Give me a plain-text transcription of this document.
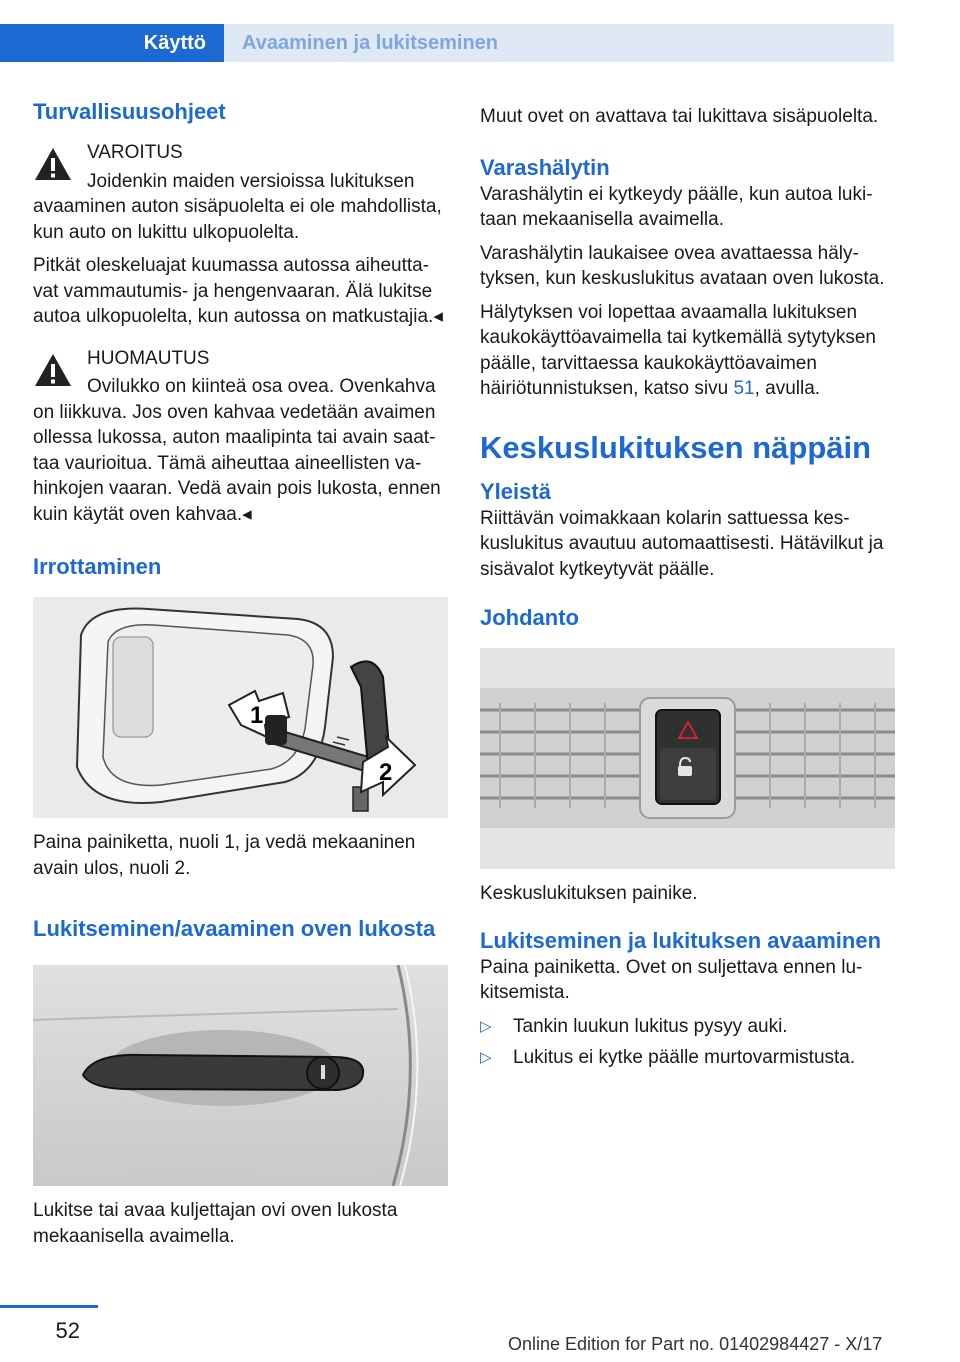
Käyttö	Avaaminen ja lukitseminen
Turvallisuusohjeet
VAROITUS
Joidenkin maiden versioissa lukituksen

avaaminen auton sisäpuolelta ei ole mahdollista, kun auto on lukittu ulkopuolelta.

Pitkät oleskeluajat kuumassa autossa aiheuttavat vammautumis- ja hengenvaaran. Älä lukitse autoa ulkopuolelta, kun autossa on matkustajia.◂

HUOMAUTUS
Ovilukko on kiinteä osa ovea. Ovenkahva

on liikkuva. Jos oven kahvaa vedetään avaimen ollessa lukossa, auton maalipinta tai avain saattaa vaurioitua. Tämä aiheuttaa aineellisten vahinkojen vaaran. Vedä avain pois lukosta, ennen kuin käytät oven kahvaa.◂

Irrottaminen
1
2

Paina painiketta, nuoli 1, ja vedä mekaaninen avain ulos, nuoli 2.

Lukitseminen/avaaminen oven lukosta

Lukitse tai avaa kuljettajan ovi oven lukosta mekaanisella avaimella.

Muut ovet on avattava tai lukittava sisäpuolelta.

Varashälytin

Varashälytin ei kytkeydy päälle, kun autoa lukitaan mekaanisella avaimella.

Varashälytin laukaisee ovea avattaessa hälytyksen, kun keskuslukitus avataan oven lukosta.

Hälytyksen voi lopettaa avaamalla lukituksen kaukokäyttöavaimella tai kytkemällä sytytyksen päälle, tarvittaessa kaukokäyttöavaimen häiriötunnistuksen, katso sivu 51, avulla.

Keskuslukituksen näppäin
Yleistä

Riittävän voimakkaan kolarin sattuessa keskuslukitus avautuu automaattisesti. Hätävilkut ja sisävalot kytkeytyvät päälle.

Johdanto

Keskuslukituksen painike.

Lukitseminen ja lukituksen avaaminen

Paina painiketta. Ovet on suljettava ennen lukitsemista.

▷	Tankin luukun lukitus pysyy auki.
▷	Lukitus ei kytke päälle murtovarmistusta.
52
Online Edition for Part no. 01402984427 - X/17
